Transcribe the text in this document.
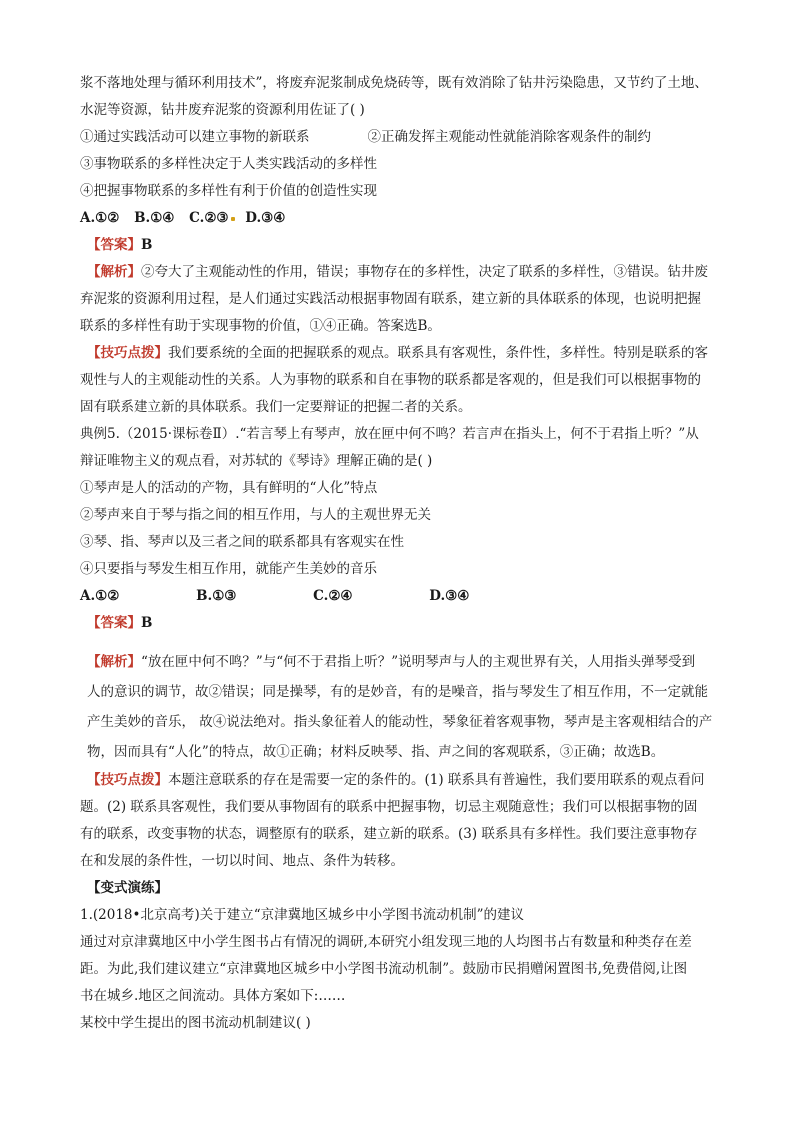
浆不落地处理与循环利用技术”，将废弃泥浆制成免烧砖等，既有效消除了钻井污染隐患，又节约了土地、
水泥等资源，钻井废弃泥浆的资源利用佐证了( )
①通过实践活动可以建立事物的新联系	②正确发挥主观能动性就能消除客观条件的制约
③事物联系的多样性决定于人类实践活动的多样性
④把握事物联系的多样性有利于价值的创造性实现
A.①② B.①④ C.②③ D.③④
【答案】B
【解析】②夸大了主观能动性的作用，错误；事物存在的多样性，决定了联系的多样性，③错误。钻井废
弃泥浆的资源利用过程，是人们通过实践活动根据事物固有联系，建立新的具体联系的体现，也说明把握
联系的多样性有助于实现事物的价值，①④正确。答案选B。
【技巧点拨】我们要系统的全面的把握联系的观点。联系具有客观性，条件性，多样性。特别是联系的客
观性与人的主观能动性的关系。人为事物的联系和自在事物的联系都是客观的，但是我们可以根据事物的
固有联系建立新的具体联系。我们一定要辩证的把握二者的关系。
典例5.（2015·课标卷Ⅱ）.“若言琴上有琴声，放在匣中何不鸣？若言声在指头上，何不于君指上听？”从
辩证唯物主义的观点看，对苏轼的《琴诗》理解正确的是( )
①琴声是人的活动的产物，具有鲜明的“人化”特点
②琴声来自于琴与指之间的相互作用，与人的主观世界无关
③琴、指、琴声以及三者之间的联系都具有客观实在性
④只要指与琴发生相互作用，就能产生美妙的音乐
A.①②	B.①③	C.②④	D.③④
【答案】B
【解析】“放在匣中何不鸣？”与“何不于君指上听？”说明琴声与人的主观世界有关，人用指头弹琴受到
人的意识的调节，故②错误；同是操琴，有的是妙音，有的是噪音，指与琴发生了相互作用，不一定就能
产生美妙的音乐， 故④说法绝对。指头象征着人的能动性，琴象征着客观事物，琴声是主客观相结合的产
物，因而具有“人化”的特点，故①正确；材料反映琴、指、声之间的客观联系，③正确；故选B。
【技巧点拨】本题注意联系的存在是需要一定的条件的。(1) 联系具有普遍性，我们要用联系的观点看问
题。(2) 联系具客观性，我们要从事物固有的联系中把握事物，切忌主观随意性；我们可以根据事物的固
有的联系，改变事物的状态，调整原有的联系，建立新的联系。(3) 联系具有多样性。我们要注意事物存
在和发展的条件性，一切以时间、地点、条件为转移。
【变式演练】
1.(2018•北京高考)关于建立“京津冀地区城乡中小学图书流动机制”的建议
通过对京津冀地区中小学生图书占有情况的调研,本研究小组发现三地的人均图书占有数量和种类存在差
距。为此,我们建议建立“京津冀地区城乡中小学图书流动机制”。鼓励市民捐赠闲置图书,免费借阅,让图
书在城乡.地区之间流动。具体方案如下:……
某校中学生提出的图书流动机制建议( )
